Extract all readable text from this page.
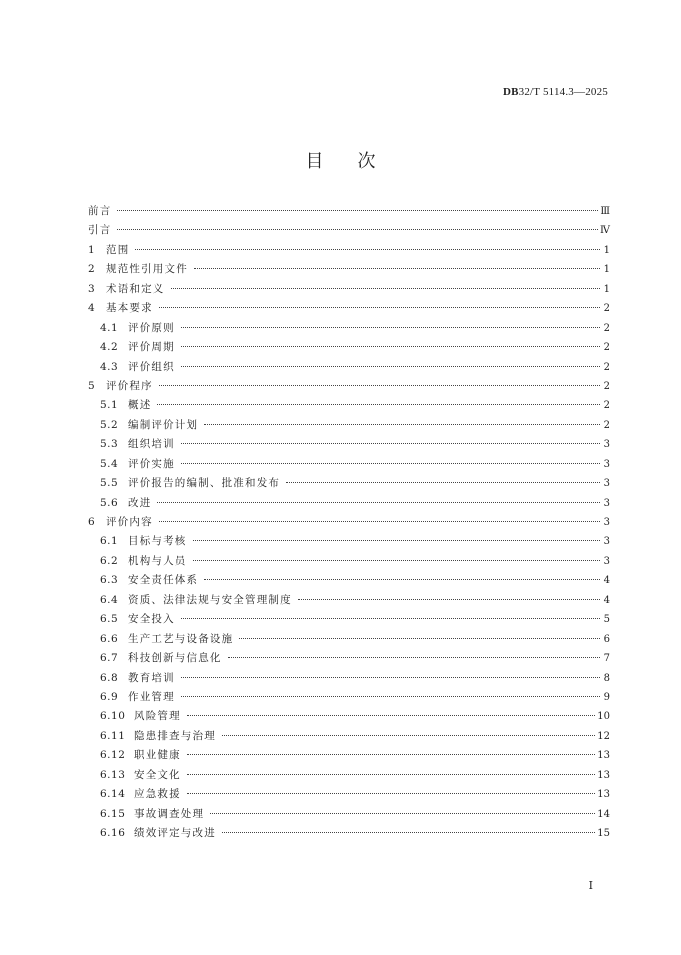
DB32/T 5114.3—2025
目次
前言	Ⅲ
引言	Ⅳ
1	范围	1
2	规范性引用文件	1
3	术语和定义	1
4	基本要求	2
4.1 评价原则	2
4.2 评价周期	2
4.3 评价组织	2
5	评价程序	2
5.1 概述	2
5.2 编制评价计划	2
5.3 组织培训	3
5.4 评价实施	3
5.5 评价报告的编制、批准和发布	3
5.6 改进	3
6	评价内容	3
6.1 目标与考核	3
6.2 机构与人员	3
6.3 安全责任体系	4
6.4 资质、法律法规与安全管理制度	4
6.5 安全投入	5
6.6 生产工艺与设备设施	6
6.7 科技创新与信息化	7
6.8 教育培训	8
6.9 作业管理	9
6.10 风险管理	10
6.11 隐患排查与治理	12
6.12 职业健康	13
6.13 安全文化	13
6.14 应急救援	13
6.15 事故调查处理	14
6.16 绩效评定与改进	15
I
